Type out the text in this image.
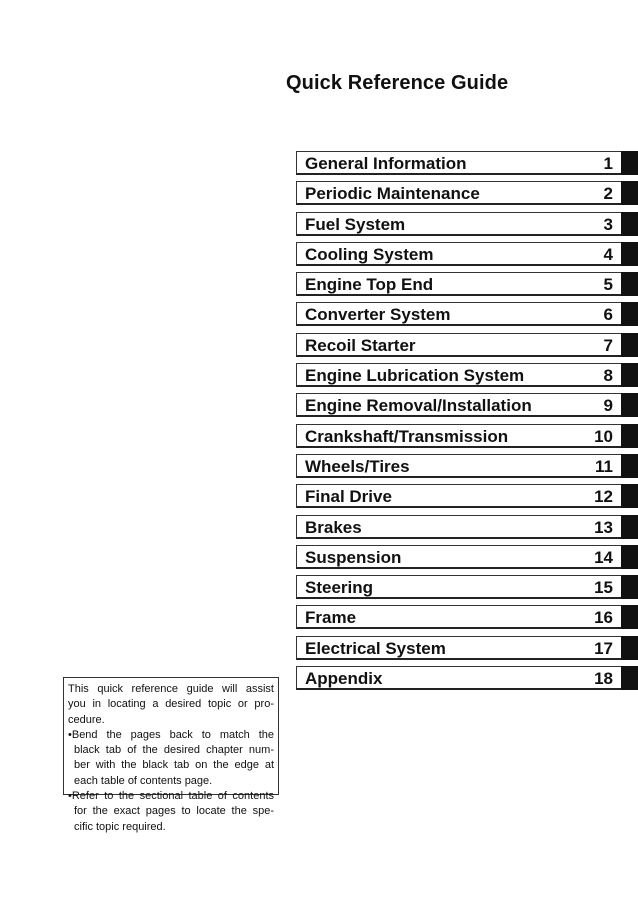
Quick Reference Guide
General Information	1
Periodic Maintenance	2
Fuel System	3
Cooling System	4
Engine Top End	5
Converter System	6
Recoil Starter	7
Engine Lubrication System	8
Engine Removal/Installation	9
Crankshaft/Transmission	10
Wheels/Tires	11
Final Drive	12
Brakes	13
Suspension	14
Steering	15
Frame	16
Electrical System	17
Appendix	18
This quick reference guide will assist
you in locating a desired topic or pro-
cedure.
•Bend the pages back to match the
black tab of the desired chapter num-
ber with the black tab on the edge at
each table of contents page.
•Refer to the sectional table of contents
for the exact pages to locate the spe-
cific topic required.
